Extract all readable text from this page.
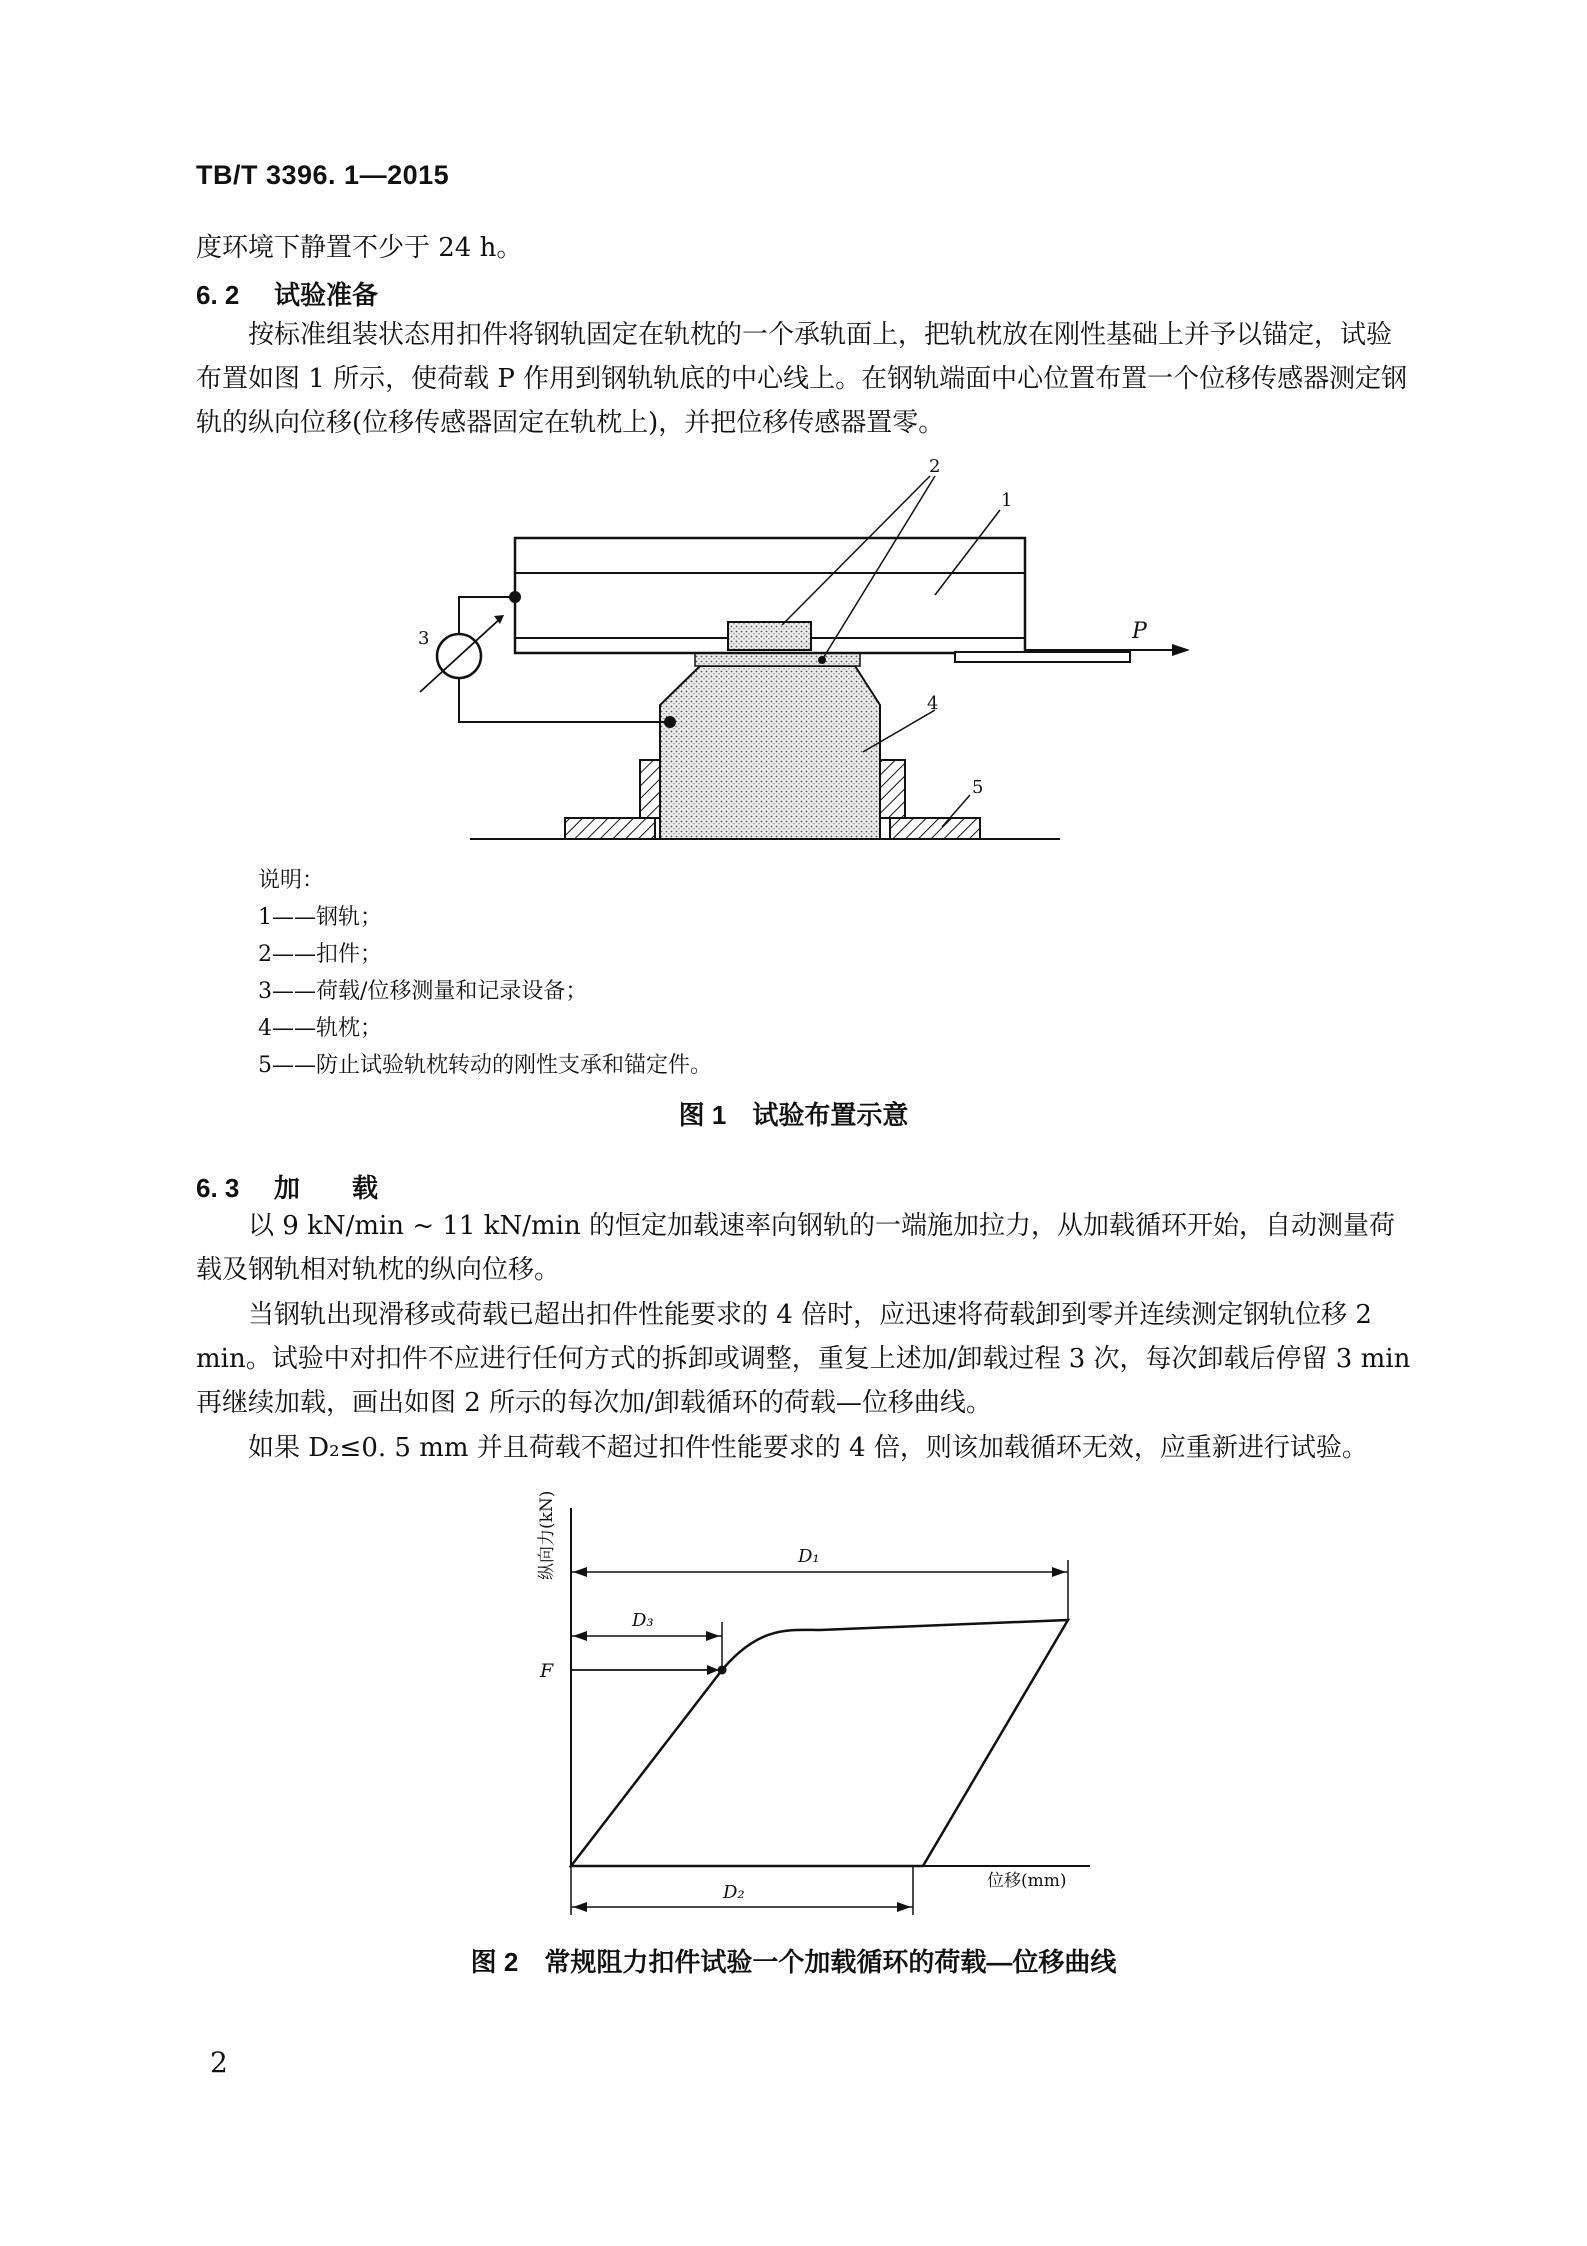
TB/T 3396. 1—2015
度环境下静置不少于 24 h。
6. 2 试验准备
按标准组装状态用扣件将钢轨固定在轨枕的一个承轨面上，把轨枕放在刚性基础上并予以锚定，试验布置如图 1 所示，使荷载 P 作用到钢轨轨底的中心线上。在钢轨端面中心位置布置一个位移传感器测定钢轨的纵向位移(位移传感器固定在轨枕上)，并把位移传感器置零。
2
1
3
4
5
P
说明：
1——钢轨；
2——扣件；
3——荷载/位移测量和记录设备；
4——轨枕；
5——防止试验轨枕转动的刚性支承和锚定件。
图 1　试验布置示意
6. 3 加　　载
以 9 kN/min ~ 11 kN/min 的恒定加载速率向钢轨的一端施加拉力，从加载循环开始，自动测量荷载及钢轨相对轨枕的纵向位移。
当钢轨出现滑移或荷载已超出扣件性能要求的 4 倍时，应迅速将荷载卸到零并连续测定钢轨位移 2 min。试验中对扣件不应进行任何方式的拆卸或调整，重复上述加/卸载过程 3 次，每次卸载后停留 3 min 再继续加载，画出如图 2 所示的每次加/卸载循环的荷载—位移曲线。
如果 D₂≤0. 5 mm 并且荷载不超过扣件性能要求的 4 倍，则该加载循环无效，应重新进行试验。
纵向力(kN)
位移(mm)
D₁
D₃
D₂
F
图 2　常规阻力扣件试验一个加载循环的荷载—位移曲线
2
